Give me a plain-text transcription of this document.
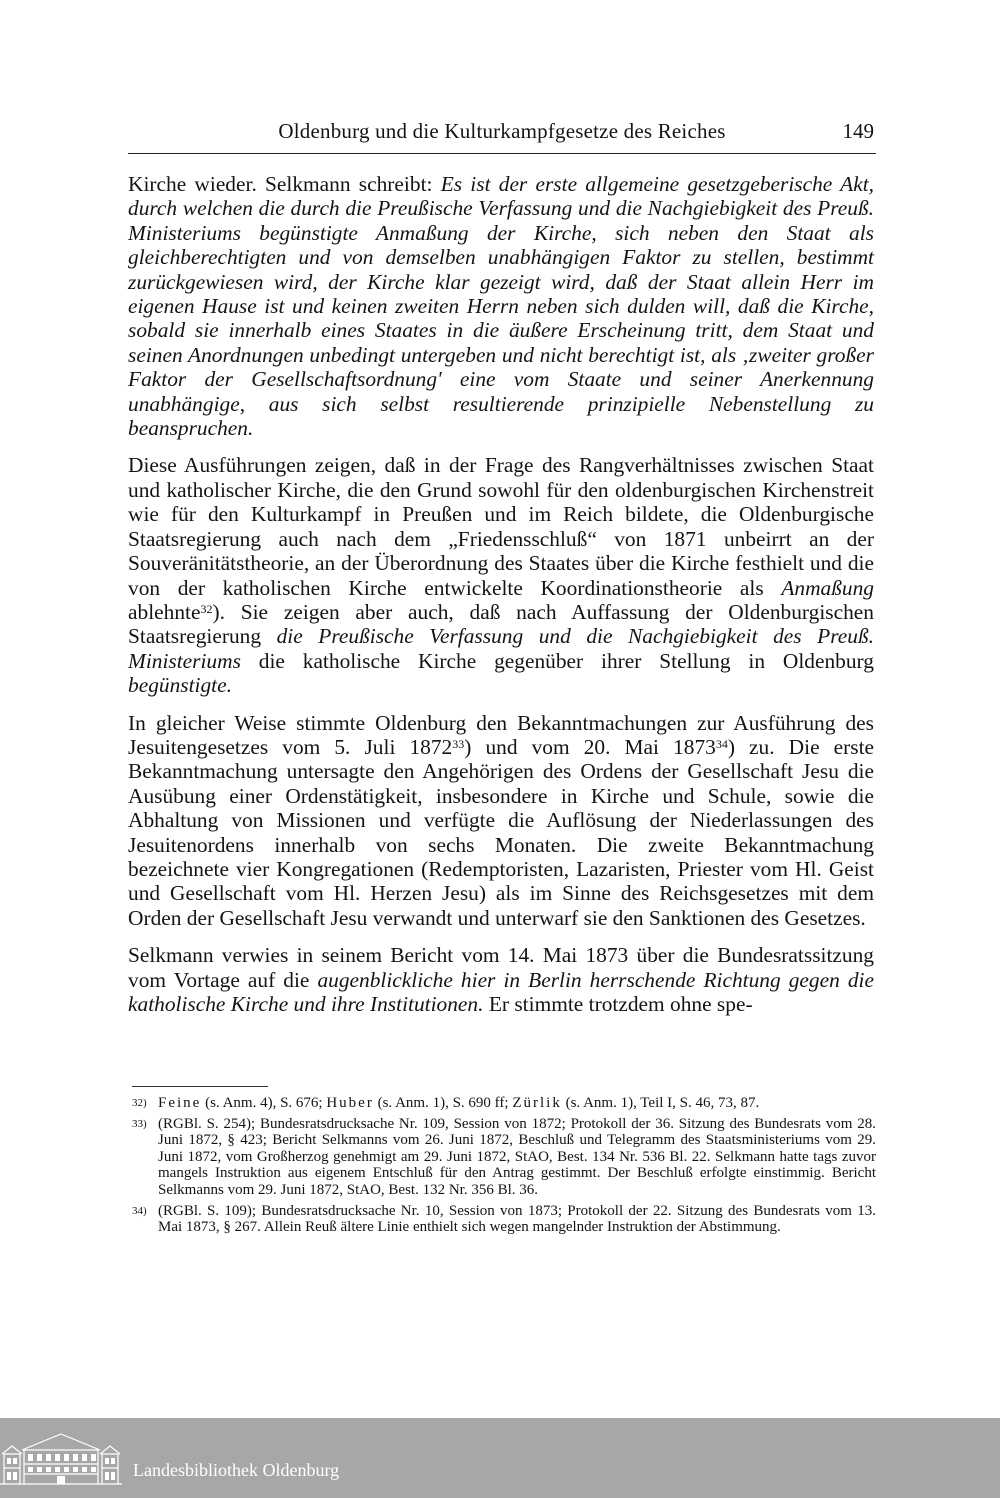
Oldenburg und die Kulturkampfgesetze des Reiches	149

Kirche wieder. Selkmann schreibt: Es ist der erste allgemeine gesetzgeberische Akt, durch welchen die durch die Preußische Verfassung und die Nachgiebigkeit des Preuß. Ministeriums begünstigte Anmaßung der Kirche, sich neben den Staat als gleichberechtigten und von demselben unabhängigen Faktor zu stellen, bestimmt zurückgewiesen wird, der Kirche klar gezeigt wird, daß der Staat allein Herr im eigenen Hause ist und keinen zweiten Herrn neben sich dulden will, daß die Kirche, sobald sie innerhalb eines Staates in die äußere Erscheinung tritt, dem Staat und seinen Anordnungen unbedingt untergeben und nicht berechtigt ist, als ‚zweiter großer Faktor der Gesellschaftsordnung' eine vom Staate und seiner Anerkennung unabhängige, aus sich selbst resultierende prinzipielle Nebenstellung zu beanspruchen.

Diese Ausführungen zeigen, daß in der Frage des Rangverhältnisses zwischen Staat und katholischer Kirche, die den Grund sowohl für den oldenburgischen Kirchenstreit wie für den Kulturkampf in Preußen und im Reich bildete, die Oldenburgische Staatsregierung auch nach dem „Friedensschluß“ von 1871 unbeirrt an der Souveränitätstheorie, an der Überordnung des Staates über die Kirche festhielt und die von der katholischen Kirche entwickelte Koordinationstheorie als Anmaßung ablehnte$^{32}$). Sie zeigen aber auch, daß nach Auffassung der Oldenburgischen Staatsregierung die Preußische Verfassung und die Nachgiebigkeit des Preuß. Ministeriums die katholische Kirche gegenüber ihrer Stellung in Oldenburg begünstigte.

In gleicher Weise stimmte Oldenburg den Bekanntmachungen zur Ausführung des Jesuitengesetzes vom 5. Juli 1872$^{33}$) und vom 20. Mai 1873$^{34}$) zu. Die erste Bekanntmachung untersagte den Angehörigen des Ordens der Gesellschaft Jesu die Ausübung einer Ordenstätigkeit, insbesondere in Kirche und Schule, sowie die Abhaltung von Missionen und verfügte die Auflösung der Niederlassungen des Jesuitenordens innerhalb von sechs Monaten. Die zweite Bekanntmachung bezeichnete vier Kongregationen (Redemptoristen, Lazaristen, Priester vom Hl. Geist und Gesellschaft vom Hl. Herzen Jesu) als im Sinne des Reichsgesetzes mit dem Orden der Gesellschaft Jesu verwandt und unterwarf sie den Sanktionen des Gesetzes.

Selkmann verwies in seinem Bericht vom 14. Mai 1873 über die Bundesratssitzung vom Vortage auf die augenblickliche hier in Berlin herrschende Richtung gegen die katholische Kirche und ihre Institutionen. Er stimmte trotzdem ohne spe-

32) Feine (s. Anm. 4), S. 676; Huber (s. Anm. 1), S. 690 ff; Zürlik (s. Anm. 1), Teil I, S. 46, 73, 87.
33) (RGBl. S. 254); Bundesratsdrucksache Nr. 109, Session von 1872; Protokoll der 36. Sitzung des Bundesrats vom 28. Juni 1872, § 423; Bericht Selkmanns vom 26. Juni 1872, Beschluß und Telegramm des Staatsministeriums vom 29. Juni 1872, vom Großherzog genehmigt am 29. Juni 1872, StAO, Best. 134 Nr. 536 Bl. 22. Selkmann hatte tags zuvor mangels Instruktion aus eigenem Entschluß für den Antrag gestimmt. Der Beschluß erfolgte einstimmig. Bericht Selkmanns vom 29. Juni 1872, StAO, Best. 132 Nr. 356 Bl. 36.
34) (RGBl. S. 109); Bundesratsdrucksache Nr. 10, Session von 1873; Protokoll der 22. Sitzung des Bundesrats vom 13. Mai 1873, § 267. Allein Reuß ältere Linie enthielt sich wegen mangelnder Instruktion der Abstimmung.
Landesbibliothek Oldenburg
